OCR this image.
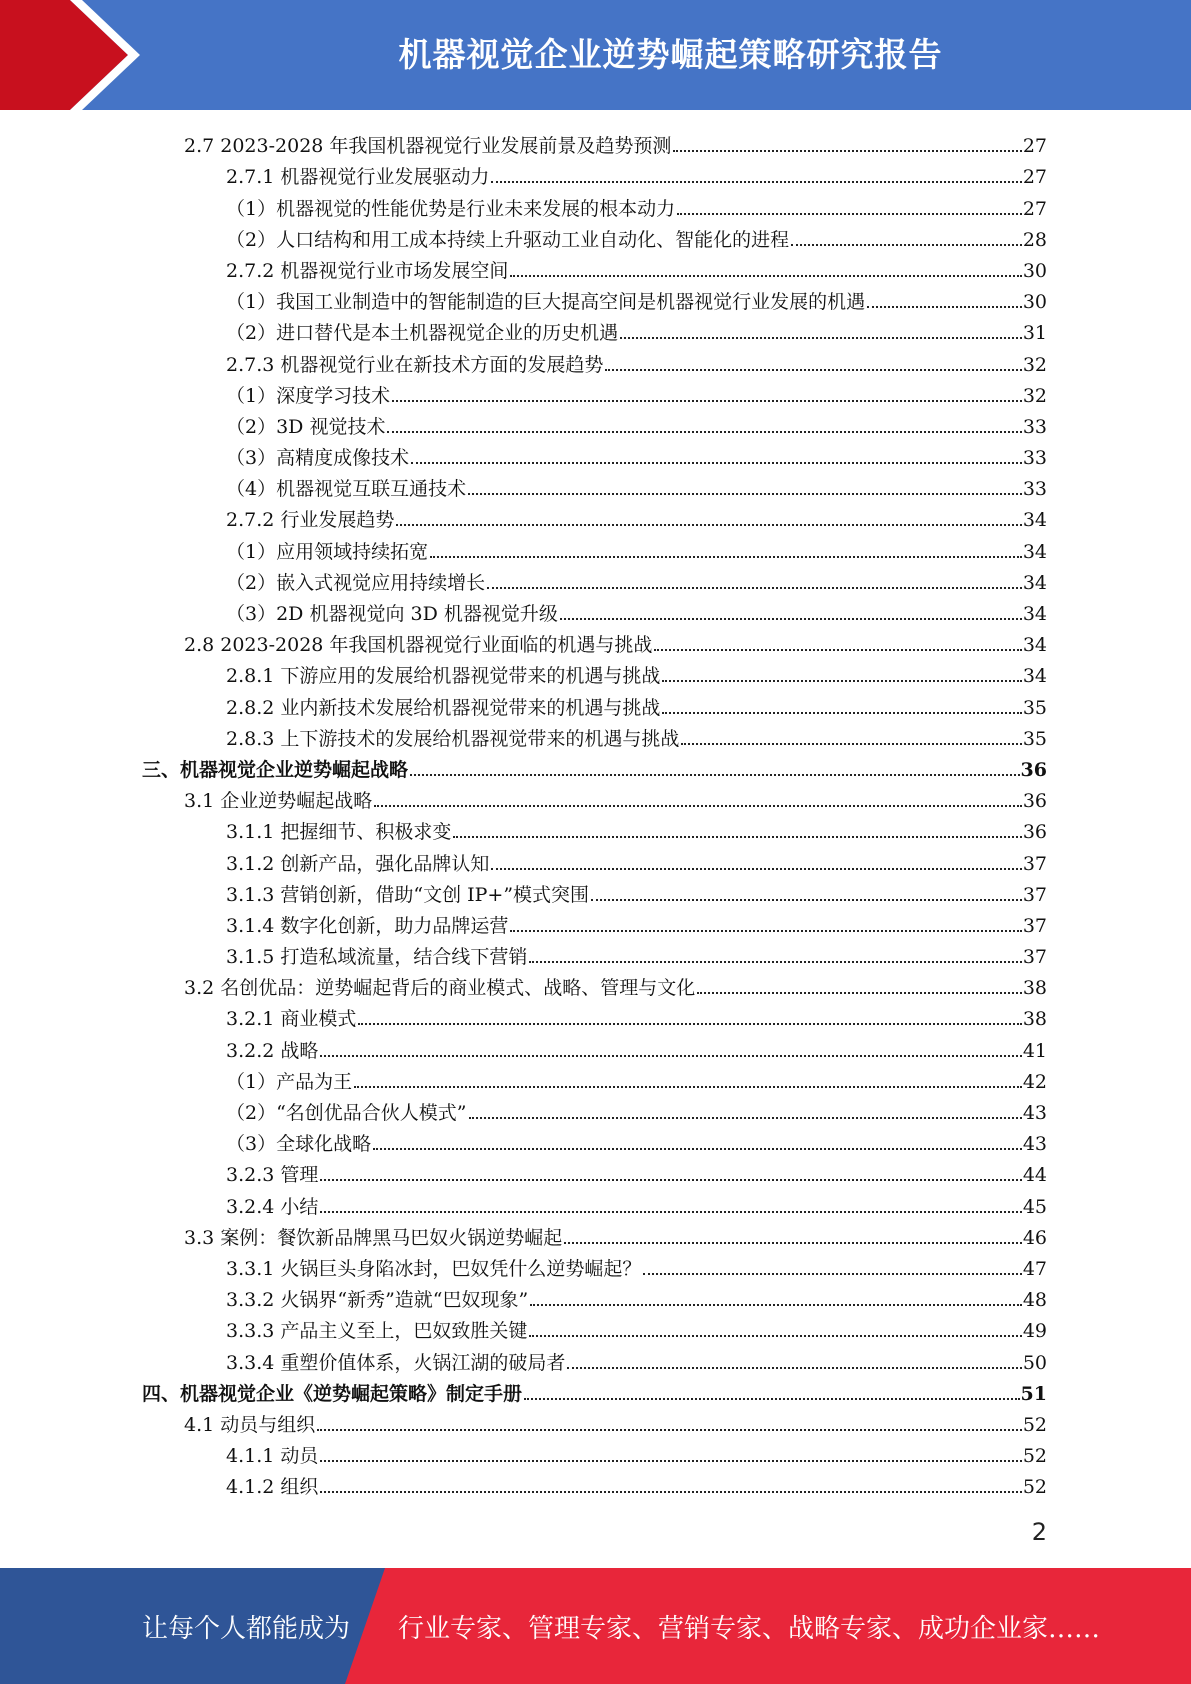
机器视觉企业逆势崛起策略研究报告
2.7 2023-2028 年我国机器视觉行业发展前景及趋势预测	27
2.7.1 机器视觉行业发展驱动力	27
（1）机器视觉的性能优势是行业未来发展的根本动力	27
（2）人口结构和用工成本持续上升驱动工业自动化、智能化的进程	28
2.7.2 机器视觉行业市场发展空间	30
（1）我国工业制造中的智能制造的巨大提高空间是机器视觉行业发展的机遇	30
（2）进口替代是本土机器视觉企业的历史机遇	31
2.7.3 机器视觉行业在新技术方面的发展趋势	32
（1）深度学习技术	32
（2）3D 视觉技术	33
（3）高精度成像技术	33
（4）机器视觉互联互通技术	33
2.7.2 行业发展趋势	34
（1）应用领域持续拓宽	34
（2）嵌入式视觉应用持续增长	34
（3）2D 机器视觉向 3D 机器视觉升级	34
2.8 2023-2028 年我国机器视觉行业面临的机遇与挑战	34
2.8.1 下游应用的发展给机器视觉带来的机遇与挑战	34
2.8.2 业内新技术发展给机器视觉带来的机遇与挑战	35
2.8.3 上下游技术的发展给机器视觉带来的机遇与挑战	35
三、机器视觉企业逆势崛起战略	36
3.1 企业逆势崛起战略	36
3.1.1 把握细节、积极求变	36
3.1.2 创新产品，强化品牌认知	37
3.1.3 营销创新，借助“文创 IP+”模式突围	37
3.1.4 数字化创新，助力品牌运营	37
3.1.5 打造私域流量，结合线下营销	37
3.2 名创优品：逆势崛起背后的商业模式、战略、管理与文化	38
3.2.1 商业模式	38
3.2.2 战略	41
（1）产品为王	42
（2）“名创优品合伙人模式”	43
（3）全球化战略	43
3.2.3 管理	44
3.2.4 小结	45
3.3 案例：餐饮新品牌黑马巴奴火锅逆势崛起	46
3.3.1 火锅巨头身陷冰封，巴奴凭什么逆势崛起？	47
3.3.2 火锅界“新秀”造就“巴奴现象”	48
3.3.3 产品主义至上，巴奴致胜关键	49
3.3.4 重塑价值体系，火锅江湖的破局者	50
四、机器视觉企业《逆势崛起策略》制定手册	51
4.1 动员与组织	52
4.1.1 动员	52
4.1.2 组织	52
2
让每个人都能成为 行业专家、管理专家、营销专家、战略专家、成功企业家……
